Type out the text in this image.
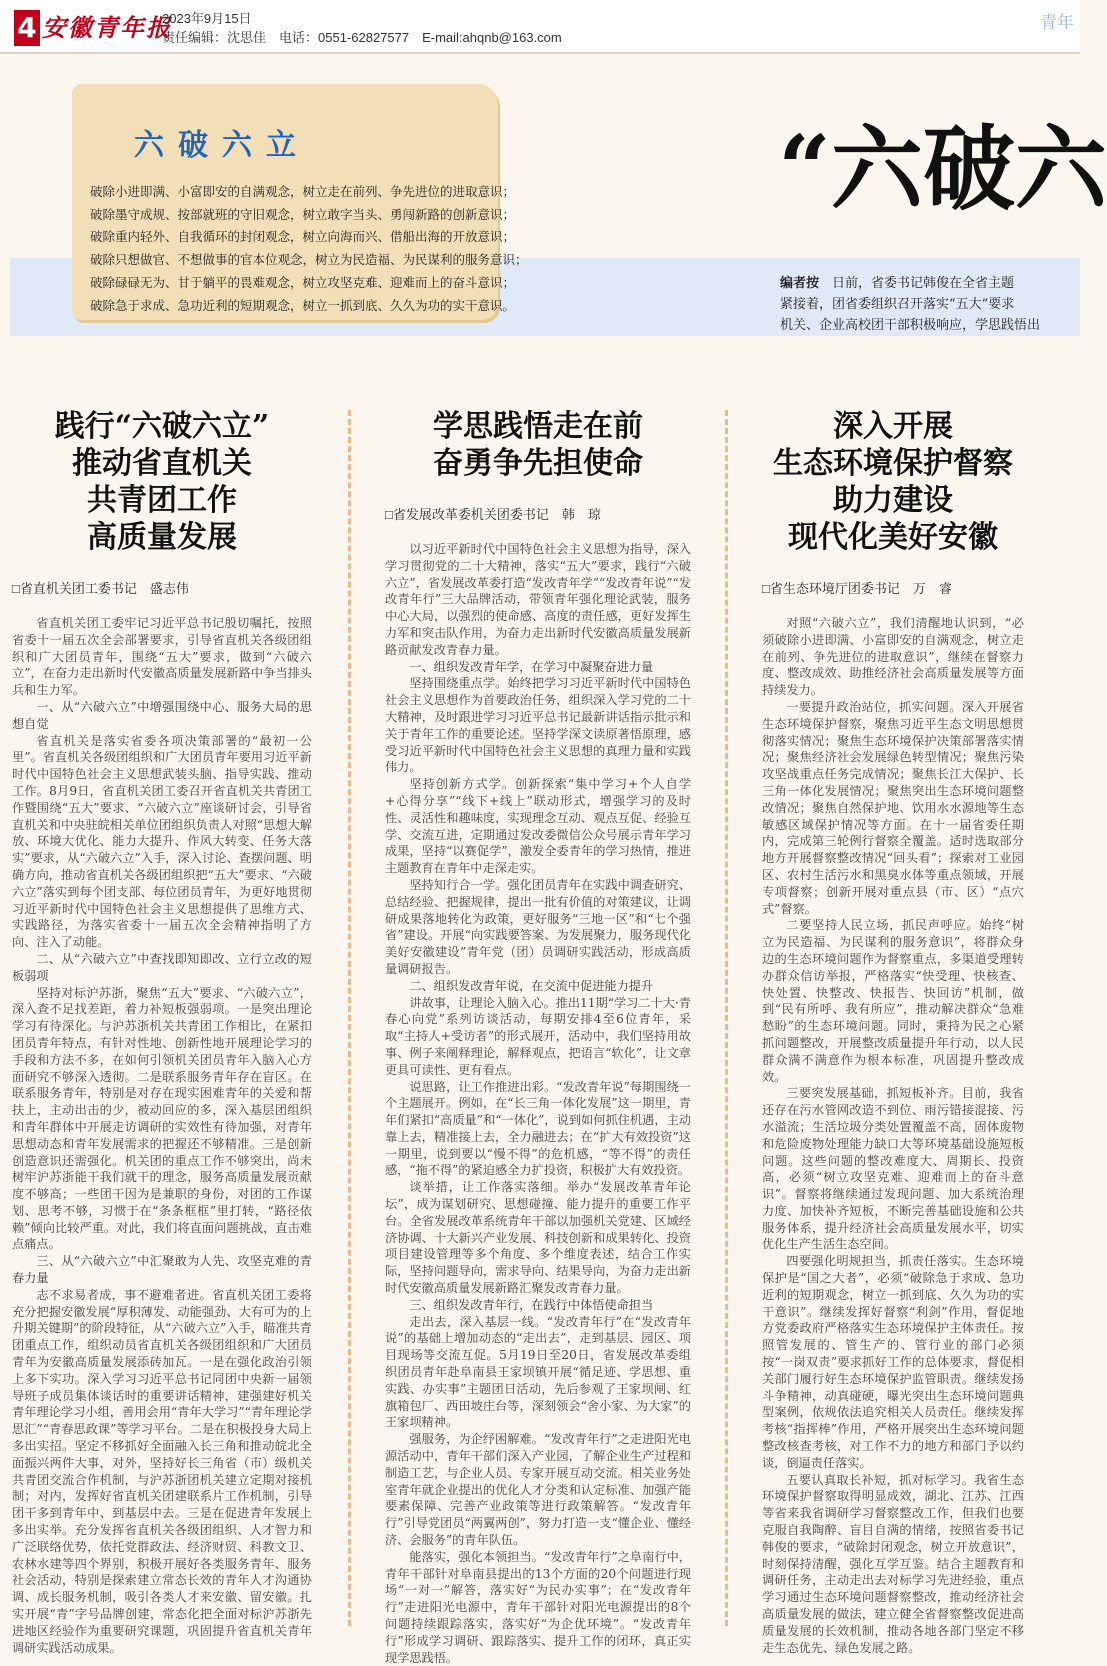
4 安徽青年报
2023年9月15日
责任编辑：沈思佳　电话：0551-62827577　E-mail:ahqnb@163.com
青年
六破六立
破除小进即满、小富即安的自满观念，树立走在前列、争先进位的进取意识；
破除墨守成规、按部就班的守旧观念，树立敢字当头、勇闯新路的创新意识；
破除重内轻外、自我循环的封闭观念，树立向海而兴、借船出海的开放意识；
破除只想做官、不想做事的官本位观念，树立为民造福、为民谋利的服务意识；
破除碌碌无为、甘于躺平的畏难观念，树立攻坚克难、迎难而上的奋斗意识；
破除急于求成、急功近利的短期观念，树立一抓到底、久久为功的实干意识。
“六破六
编者按　 日前，省委书记韩俊在全省主题
紧接着，团省委组织召开落实“五大”要求
机关、企业高校团干部积极响应，学思践悟出
践行“六破六立”
推动省直机关
共青团工作
高质量发展
□省直机关团工委书记　盛志伟

省直机关团工委牢记习近平总书记殷切嘱托，按照省委十一届五次全会部署要求，引导省直机关各级团组织和广大团员青年，围绕“五大”要求，做到“六破六立”，在奋力走出新时代安徽高质量发展新路中争当排头兵和生力军。

一、从“六破六立”中增强围绕中心、服务大局的思想自觉

省直机关是落实省委各项决策部署的“最初一公里”。省直机关各级团组织和广大团员青年要用习近平新时代中国特色社会主义思想武装头脑、指导实践、推动工作。8月9日，省直机关团工委召开省直机关共青团工作暨围绕“五大”要求、“六破六立”座谈研讨会，引导省直机关和中央驻皖相关单位团组织负责人对照“思想大解放、环境大优化、能力大提升、作风大转变、任务大落实”要求，从“六破六立”入手，深入讨论、查摆问题、明确方向，推动省直机关各级团组织把“五大”要求、“六破六立”落实到每个团支部、每位团员青年，为更好地贯彻习近平新时代中国特色社会主义思想提供了思维方式、实践路径，为落实省委十一届五次全会精神指明了方向、注入了动能。

二、从“六破六立”中查找即知即改、立行立改的短板弱项

坚持对标沪苏浙，聚焦“五大”要求、“六破六立”，深入查不足找差距，着力补短板强弱项。一是突出理论学习有待深化。与沪苏浙机关共青团工作相比，在紧扣团员青年特点，有针对性地、创新性地开展理论学习的手段和方法不多，在如何引领机关团员青年入脑入心方面研究不够深入透彻。二是联系服务青年存在盲区。在联系服务青年，特别是对存在现实困难青年的关爱和帮扶上，主动出击的少，被动回应的多，深入基层团组织和青年群体中开展走访调研的实效性有待加强，对青年思想动态和青年发展需求的把握还不够精准。三是创新创造意识还需强化。机关团的重点工作不够突出，尚未树牢沪苏浙能干我们就干的理念，服务高质量发展贡献度不够高；一些团干因为是兼职的身份，对团的工作谋划、思考不够，习惯于在“条条框框”里打转，“路径依赖”倾向比较严重。对此，我们将直面问题挑战，直击难点痛点。

三、从“六破六立”中汇聚敢为人先、攻坚克难的青春力量

志不求易者成，事不避难者进。省直机关团工委将充分把握安徽发展“厚积薄发、动能强劲、大有可为的上升期关键期”的阶段特征，从“六破六立”入手，瞄准共青团重点工作，组织动员省直机关各级团组织和广大团员青年为安徽高质量发展添砖加瓦。一是在强化政治引领上多下实功。深入学习习近平总书记同团中央新一届领导班子成员集体谈话时的重要讲话精神，建强建好机关青年理论学习小组，善用会用“青年大学习”“青年理论学思汇”“青春思政课”等学习平台。二是在积极投身大局上多出实招。坚定不移抓好全面融入长三角和推动皖北全面振兴两件大事，对外，坚持好长三角省（市）级机关共青团交流合作机制，与沪苏浙团机关建立定期对接机制；对内，发挥好省直机关团建联系片工作机制，引导团干多到青年中、到基层中去。三是在促进青年发展上多出实举。充分发挥省直机关各级团组织、人才智力和广泛联络优势，依托党群政法、经济财贸、科教文卫、农林水建等四个界别，积极开展好各类服务青年、服务社会活动，特别是探索建立常态长效的青年人才沟通协调、成长服务机制，吸引各类人才来安徽、留安徽。扎实开展“青”字号品牌创建，常态化把全面对标沪苏浙先进地区经验作为重要研究课题，巩固提升省直机关青年调研实践活动成果。

学思践悟走在前
奋勇争先担使命
□省发展改革委机关团委书记　韩　琼

以习近平新时代中国特色社会主义思想为指导，深入学习贯彻党的二十大精神，落实“五大”要求，践行“六破六立”，省发展改革委打造“发改青年学”“发改青年说”“发改青年行”三大品牌活动，带领青年强化理论武装，服务中心大局，以强烈的使命感、高度的责任感，更好发挥生力军和突击队作用，为奋力走出新时代安徽高质量发展新路贡献发改青春力量。

一、组织发改青年学，在学习中凝聚奋进力量

坚持围绕重点学。始终把学习习近平新时代中国特色社会主义思想作为首要政治任务，组织深入学习党的二十大精神，及时跟进学习习近平总书记最新讲话指示批示和关于青年工作的重要论述。坚持学深文读原著悟原理，感受习近平新时代中国特色社会主义思想的真理力量和实践伟力。

坚持创新方式学。创新探索“集中学习+个人自学+心得分享”“线下+线上”联动形式，增强学习的及时性、灵活性和趣味度，实现理念互动、观点互促、经验互学、交流互进，定期通过发改委微信公众号展示青年学习成果，坚持“以赛促学”，激发全委青年的学习热情，推进主题教育在青年中走深走实。

坚持知行合一学。强化团员青年在实践中调查研究、总结经验、把握规律，提出一批有价值的对策建议，让调研成果落地转化为政策，更好服务“三地一区”和“七个强省”建设。开展“向实践要答案、为发展聚力，服务现代化美好安徽建设”青年党（团）员调研实践活动，形成高质量调研报告。

二、组织发改青年说，在交流中促进能力提升

讲故事，让理论入脑入心。推出11期“学习二十大·青春心向党”系列访谈活动，每期安排4至6位青年，采取“主持人+受访者”的形式展开，活动中，我们坚持用故事、例子来阐释理论，解释观点，把语言“软化”，让文章更具可读性、更有看点。

说思路，让工作推进出彩。“发改青年说”每期围绕一个主题展开。例如，在“长三角一体化发展”这一期里，青年们紧扣“高质量”和“一体化”，说到如何抓住机遇，主动靠上去，精准接上去，全力融进去；在“扩大有效投资”这一期里，说到要以“慢不得”的危机感，“等不得”的责任感，“拖不得”的紧迫感全力扩投资，积极扩大有效投资。

谈举措，让工作落实落细。举办“发展改革青年论坛”，成为谋划研究、思想碰撞、能力提升的重要工作平台。全省发展改革系统青年干部以加强机关党建、区域经济协调、十大新兴产业发展、科技创新和成果转化、投资项目建设管理等多个角度、多个维度表述，结合工作实际，坚持问题导向，需求导向、结果导向，为奋力走出新时代安徽高质量发展新路汇聚发改青春力量。

三、组织发改青年行，在践行中体悟使命担当

走出去，深入基层一线。“发改青年行”在“发改青年说”的基础上增加动态的“走出去”，走到基层、园区、项目现场等交流互促。5月19日至20日，省发展改革委组织团员青年赴阜南县王家坝镇开展“循足迹、学思想、重实践、办实事”主题团日活动，先后参观了王家坝闸、红旗箱包厂、西田坡庄台等，深刻领会“舍小家、为大家”的王家坝精神。

强服务，为企纾困解难。“发改青年行”之走进阳光电源活动中，青年干部们深入产业园，了解企业生产过程和制造工艺，与企业人员、专家开展互动交流。相关业务处室青年就企业提出的优化人才分类和认定标准、加强产能要素保障、完善产业政策等进行政策解答。“发改青年行”引导党团员“两翼两创”，努力打造一支“懂企业、懂经济、会服务”的青年队伍。

能落实，强化本领担当。“发改青年行”之阜南行中，青年干部针对阜南县提出的13个方面的20个问题进行现场“一对一”解答，落实好“为民办实事”；在“发改青年行”走进阳光电源中，青年干部针对阳光电源提出的8个问题持续跟踪落实，落实好“为企优环境”。“发改青年行”形成学习调研、跟踪落实、提升工作的闭环，真正实现学思践悟。

深入开展
生态环境保护督察
助力建设
现代化美好安徽
□省生态环境厅团委书记　万　睿

对照“六破六立”，我们清醒地认识到，“必须破除小进即满、小富即安的自满观念，树立走在前列、争先进位的进取意识”，继续在督察力度、整改成效、助推经济社会高质量发展等方面持续发力。

一要提升政治站位，抓实问题。深入开展省生态环境保护督察，聚焦习近平生态文明思想贯彻落实情况；聚焦生态环境保护决策部署落实情况；聚焦经济社会发展绿色转型情况；聚焦污染攻坚战重点任务完成情况；聚焦长江大保护、长三角一体化发展情况；聚焦突出生态环境问题整改情况；聚焦自然保护地、饮用水水源地等生态敏感区域保护情况等方面。在十一届省委任期内，完成第三轮例行督察全覆盖。适时选取部分地方开展督察整改情况“回头看”；探索对工业园区、农村生活污水和黑臭水体等重点领域，开展专项督察；创新开展对重点县（市、区）“点穴式”督察。

二要坚持人民立场，抓民声呼应。始终“树立为民造福、为民谋利的服务意识”，将群众身边的生态环境问题作为督察重点，多渠道受理转办群众信访举报，严格落实“快受理、快核查、快处置、快整改、快报告、快回访”机制，做到“民有所呼、我有所应”，推动解决群众“急难愁盼”的生态环境问题。同时，秉持为民之心紧抓问题整改，开展整改质量提升年行动，以人民群众满不满意作为根本标准，巩固提升整改成效。

三要突发展基础，抓短板补齐。目前，我省还存在污水管网改造不到位、雨污错接混接、污水溢流；生活垃圾分类处置覆盖不高，固体废物和危险废物处理能力缺口大等环境基础设施短板问题。这些问题的整改难度大、周期长、投资高，必须“树立攻坚克难、迎难而上的奋斗意识”。督察将继续通过发现问题、加大系统治理力度、加快补齐短板，不断完善基础设施和公共服务体系，提升经济社会高质量发展水平，切实优化生产生活生态空间。

四要强化明规担当，抓责任落实。生态环境保护是“国之大者”，必须“破除急于求成、急功近利的短期观念，树立一抓到底、久久为功的实干意识”。继续发挥好督察“利剑”作用，督促地方党委政府严格落实生态环境保护主体责任。按照管发展的、管生产的、管行业的部门必须按“一岗双责”要求抓好工作的总体要求，督促相关部门履行好生态环境保护监管职责。继续发扬斗争精神，动真碰硬，曝光突出生态环境问题典型案例，依规依法追究相关人员责任。继续发挥考核“指挥棒”作用，严格开展突出生态环境问题整改核查考核，对工作不力的地方和部门予以约谈，倒逼责任落实。

五要认真取长补短，抓对标学习。我省生态环境保护督察取得明显成效，湖北、江苏、江西等省来我省调研学习督察整改工作，但我们也要克服自我陶醉、盲目自满的情绪，按照省委书记韩俊的要求，“破除封闭观念，树立开放意识”，时刻保持清醒，强化互学互鉴。结合主题教育和调研任务，主动走出去对标学习先进经验，重点学习通过生态环境问题督察整改，推动经济社会高质量发展的做法，建立健全省督察整改促进高质量发展的长效机制，推动各地各部门坚定不移走生态优先、绿色发展之路。
